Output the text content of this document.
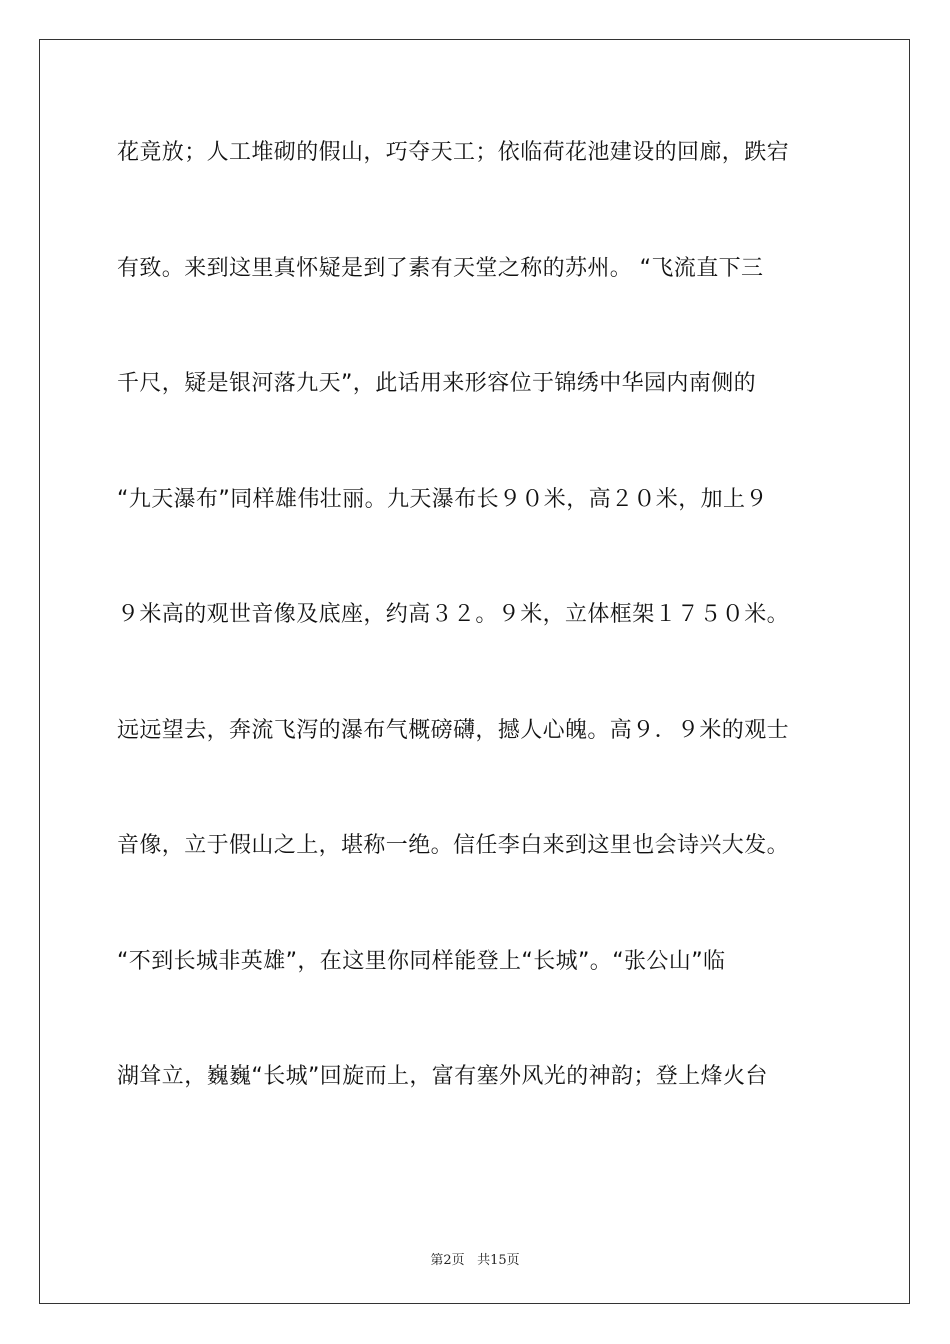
花竟放；人工堆砌的假山，巧夺天工；依临荷花池建设的回廊，跌宕
有致。来到这里真怀疑是到了素有天堂之称的苏州。 “飞流直下三
千尺，疑是银河落九天”，此话用来形容位于锦绣中华园内南侧的
“九天瀑布”同样雄伟壮丽。九天瀑布长９０米，高２０米，加上９
９米高的观世音像及底座，约高３２。９米，立体框架１７５０米。
远远望去，奔流飞泻的瀑布气概磅礴，撼人心魄。高９．９米的观士
音像，立于假山之上，堪称一绝。信任李白来到这里也会诗兴大发。
“不到长城非英雄”，在这里你同样能登上“长城”。“张公山”临
湖耸立，巍巍“长城”回旋而上，富有塞外风光的神韵；登上烽火台
第2页 共15页
